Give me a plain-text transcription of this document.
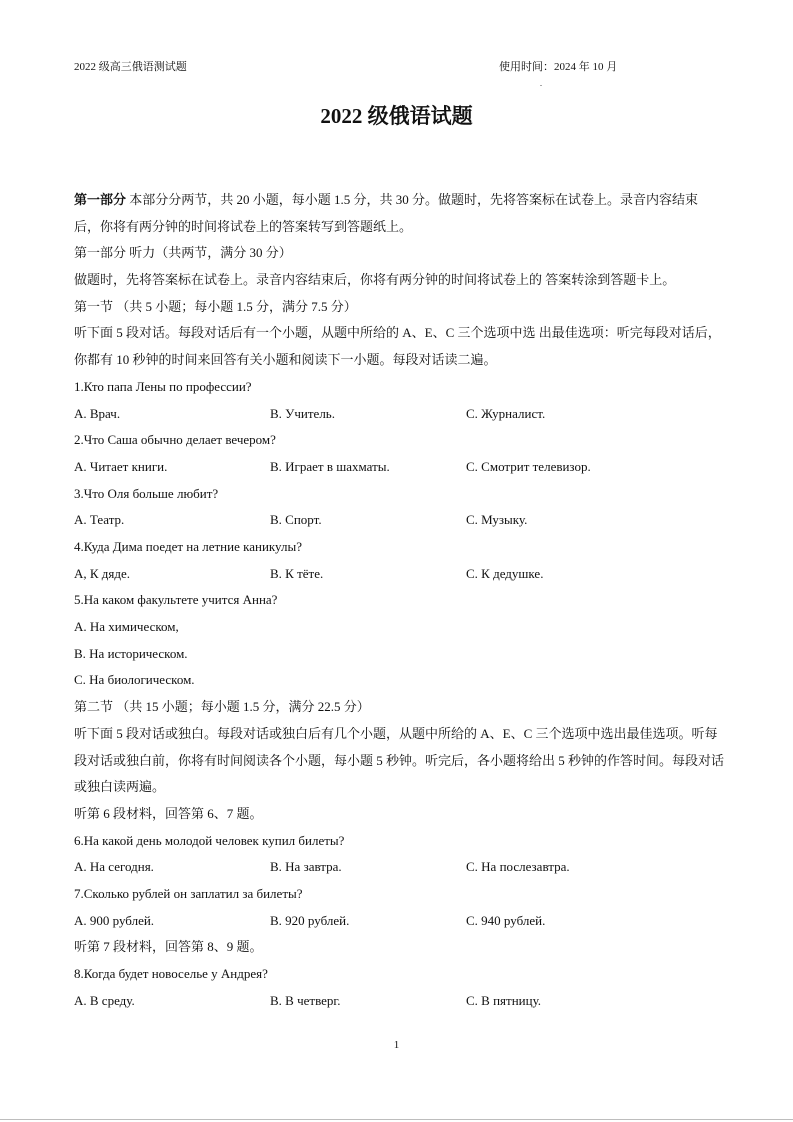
2022 级高三俄语测试题	使用时间：2024 年 10 月
.
2022 级俄语试题
第一部分 本部分分两节，共 20 小题，每小题 1.5 分，共 30 分。做题时，先将答案标在试卷上。录音内容结束后，你将有两分钟的时间将试卷上的答案转写到答题纸上。
第一部分 听力（共两节，满分 30 分）
做题时，先将答案标在试卷上。录音内容结束后，你将有两分钟的时间将试卷上的 答案转涂到答题卡上。
第一节 （共 5 小题；每小题 1.5 分，满分 7.5 分）
听下面 5 段对话。每段对话后有一个小题，从题中所给的 A、E、C 三个选项中选 出最佳选项：听完每段对话后，你都有 10 秒钟的时间来回答有关小题和阅读下一小题。每段对话读二遍。
1.Кто папа Лены по профессии?
A. Врач.	B. Учитель.	C. Журналист.
2.Что Саша обычно делает вечером?
A. Читает книги.	B. Играет в шахматы.	C. Смотрит телевизор.
3.Что Оля больше любит?
A. Театр.	B. Спорт.	C. Музыку.
4.Куда Дима поедет на летние каникулы?
A, К дяде.	B. К тёте.	C. К дедушке.
5.На каком факультете учится Анна?
A. На химическом,
B. На историческом.
C. На биологическом.
第二节 （共 15 小题；每小题 1.5 分，满分 22.5 分）
听下面 5 段对话或独白。每段对话或独白后有几个小题，从题中所给的 A、E、C 三个选项中选出最佳选项。听每段对话或独白前，你将有时间阅读各个小题，每小题 5 秒钟。听完后，各小题将给出 5 秒钟的作答时间。每段对话或独白读两遍。
听第 6 段材料，回答第 6、7 题。
6.На какой день молодой человек купил билеты?
A. На сегодня.	B. На завтра.	C. На послезавтра.
7.Сколько рублей он заплатил за билеты?
A. 900 рублей.	B. 920 рублей.	C. 940 рублей.
听第 7 段材料，回答第 8、9 题。
8.Когда будет новоселье у Андрея?
A. В среду.	B. В четверг.	C. В пятницу.
1
